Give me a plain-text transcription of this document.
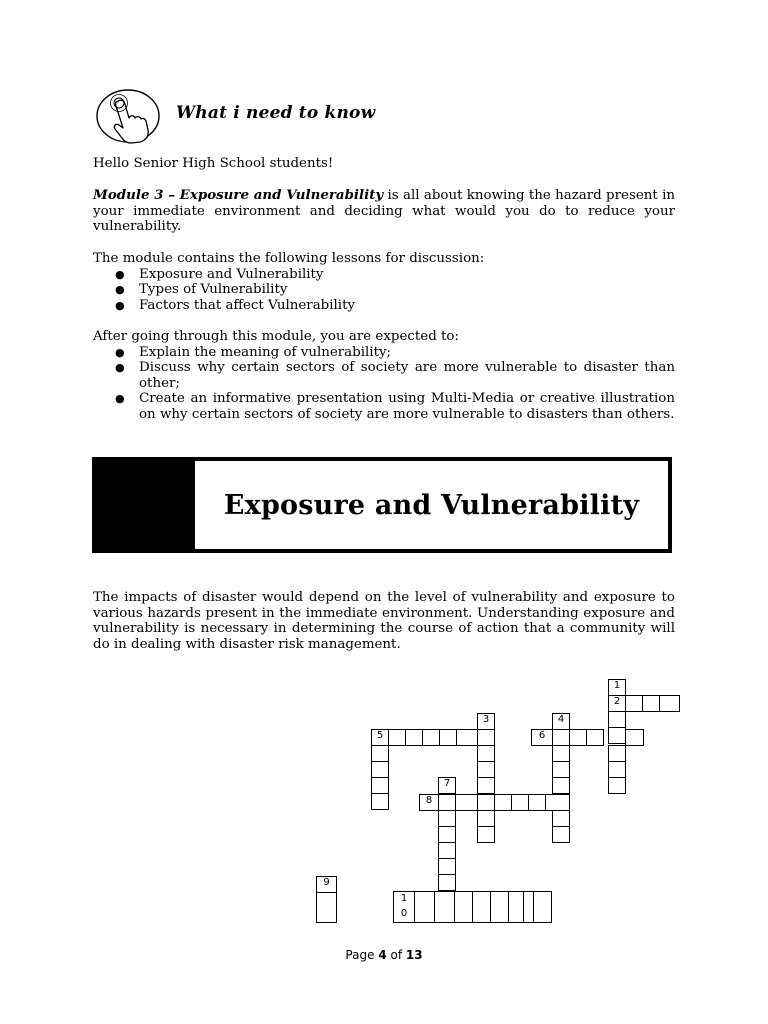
What i need to know

Hello Senior High School students!

Module 3 – Exposure and Vulnerability is all about knowing the hazard present in your immediate environment and deciding what would you do to reduce your vulnerability.

The module contains the following lessons for discussion:

● Exposure and Vulnerability
● Types of Vulnerability
● Factors that affect Vulnerability

After going through this module, you are expected to:

● Explain the meaning of vulnerability;
● Discuss why certain sectors of society are more vulnerable to disaster than other;
● Create an informative presentation using Multi-Media or creative illustration on why certain sectors of society are more vulnerable to disasters than others.
Exposure and Vulnerability

The impacts of disaster would depend on the level of vulnerability and exposure to various hazards present in the immediate environment. Understanding exposure and vulnerability is necessary in determining the course of action that a community will do in dealing with disaster risk management.

1
2
3	4
5	6
7
8
9
1
0
Page 4 of 13
